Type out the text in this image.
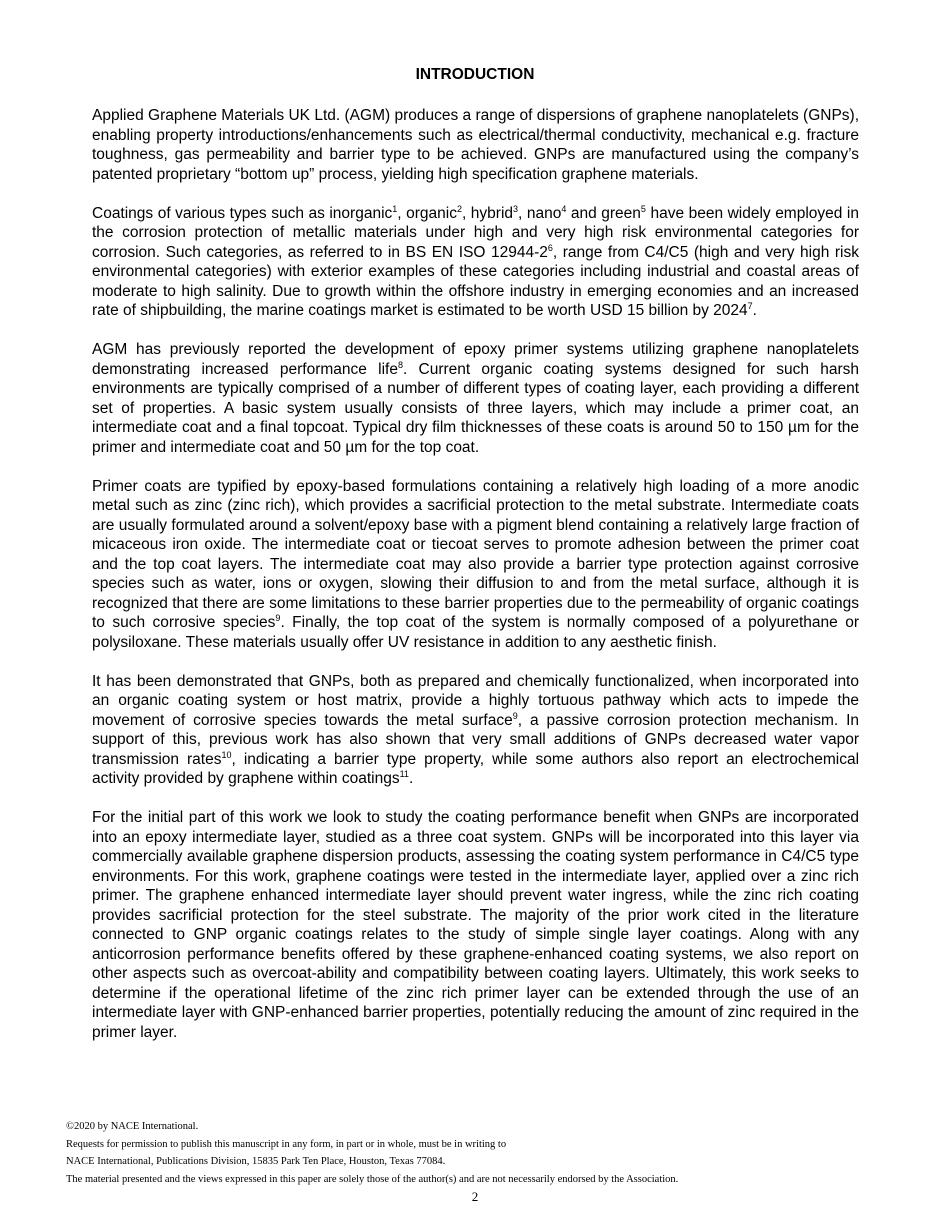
INTRODUCTION

Applied Graphene Materials UK Ltd. (AGM) produces a range of dispersions of graphene nanoplatelets (GNPs), enabling property introductions/enhancements such as electrical/thermal conductivity, mechanical e.g. fracture toughness, gas permeability and barrier type to be achieved. GNPs are manufactured using the company’s patented proprietary “bottom up” process, yielding high specification graphene materials.

Coatings of various types such as inorganic$^1$, organic$^2$, hybrid$^3$, nano$^4$ and green$^5$ have been widely employed in the corrosion protection of metallic materials under high and very high risk environmental categories for corrosion. Such categories, as referred to in BS EN ISO $12944-2^6$, range from C4/C5 (high and very high risk environmental categories) with exterior examples of these categories including industrial and coastal areas of moderate to high salinity. Due to growth within the offshore industry in emerging economies and an increased rate of shipbuilding, the marine coatings market is estimated to be worth USD 15 billion by 2024$^7$.

AGM has previously reported the development of epoxy primer systems utilizing graphene nanoplatelets demonstrating increased performance life$^8$. Current organic coating systems designed for such harsh environments are typically comprised of a number of different types of coating layer, each providing a different set of properties. A basic system usually consists of three layers, which may include a primer coat, an intermediate coat and a final topcoat. Typical dry film thicknesses of these coats is around 50 to 150 µm for the primer and intermediate coat and 50 µm for the top coat.

Primer coats are typified by epoxy-based formulations containing a relatively high loading of a more anodic metal such as zinc (zinc rich), which provides a sacrificial protection to the metal substrate. Intermediate coats are usually formulated around a solvent/epoxy base with a pigment blend containing a relatively large fraction of micaceous iron oxide. The intermediate coat or tiecoat serves to promote adhesion between the primer coat and the top coat layers. The intermediate coat may also provide a barrier type protection against corrosive species such as water, ions or oxygen, slowing their diffusion to and from the metal surface, although it is recognized that there are some limitations to these barrier properties due to the permeability of organic coatings to such corrosive species$^9$. Finally, the top coat of the system is normally composed of a polyurethane or polysiloxane. These materials usually offer UV resistance in addition to any aesthetic finish.

It has been demonstrated that GNPs, both as prepared and chemically functionalized, when incorporated into an organic coating system or host matrix, provide a highly tortuous pathway which acts to impede the movement of corrosive species towards the metal surface$^9$, a passive corrosion protection mechanism. In support of this, previous work has also shown that very small additions of GNPs decreased water vapor transmission rates$^{10}$, indicating a barrier type property, while some authors also report an electrochemical activity provided by graphene within coatings$^{11}$.

For the initial part of this work we look to study the coating performance benefit when GNPs are incorporated into an epoxy intermediate layer, studied as a three coat system. GNPs will be incorporated into this layer via commercially available graphene dispersion products, assessing the coating system performance in C4/C5 type environments. For this work, graphene coatings were tested in the intermediate layer, applied over a zinc rich primer. The graphene enhanced intermediate layer should prevent water ingress, while the zinc rich coating provides sacrificial protection for the steel substrate. The majority of the prior work cited in the literature connected to GNP organic coatings relates to the study of simple single layer coatings. Along with any anticorrosion performance benefits offered by these graphene-enhanced coating systems, we also report on other aspects such as overcoat-ability and compatibility between coating layers. Ultimately, this work seeks to determine if the operational lifetime of the zinc rich primer layer can be extended through the use of an intermediate layer with GNP-enhanced barrier properties, potentially reducing the amount of zinc required in the primer layer.

©2020 by NACE International.
Requests for permission to publish this manuscript in any form, in part or in whole, must be in writing to
NACE International, Publications Division, 15835 Park Ten Place, Houston, Texas 77084.
The material presented and the views expressed in this paper are solely those of the author(s) and are not necessarily endorsed by the Association.
2
